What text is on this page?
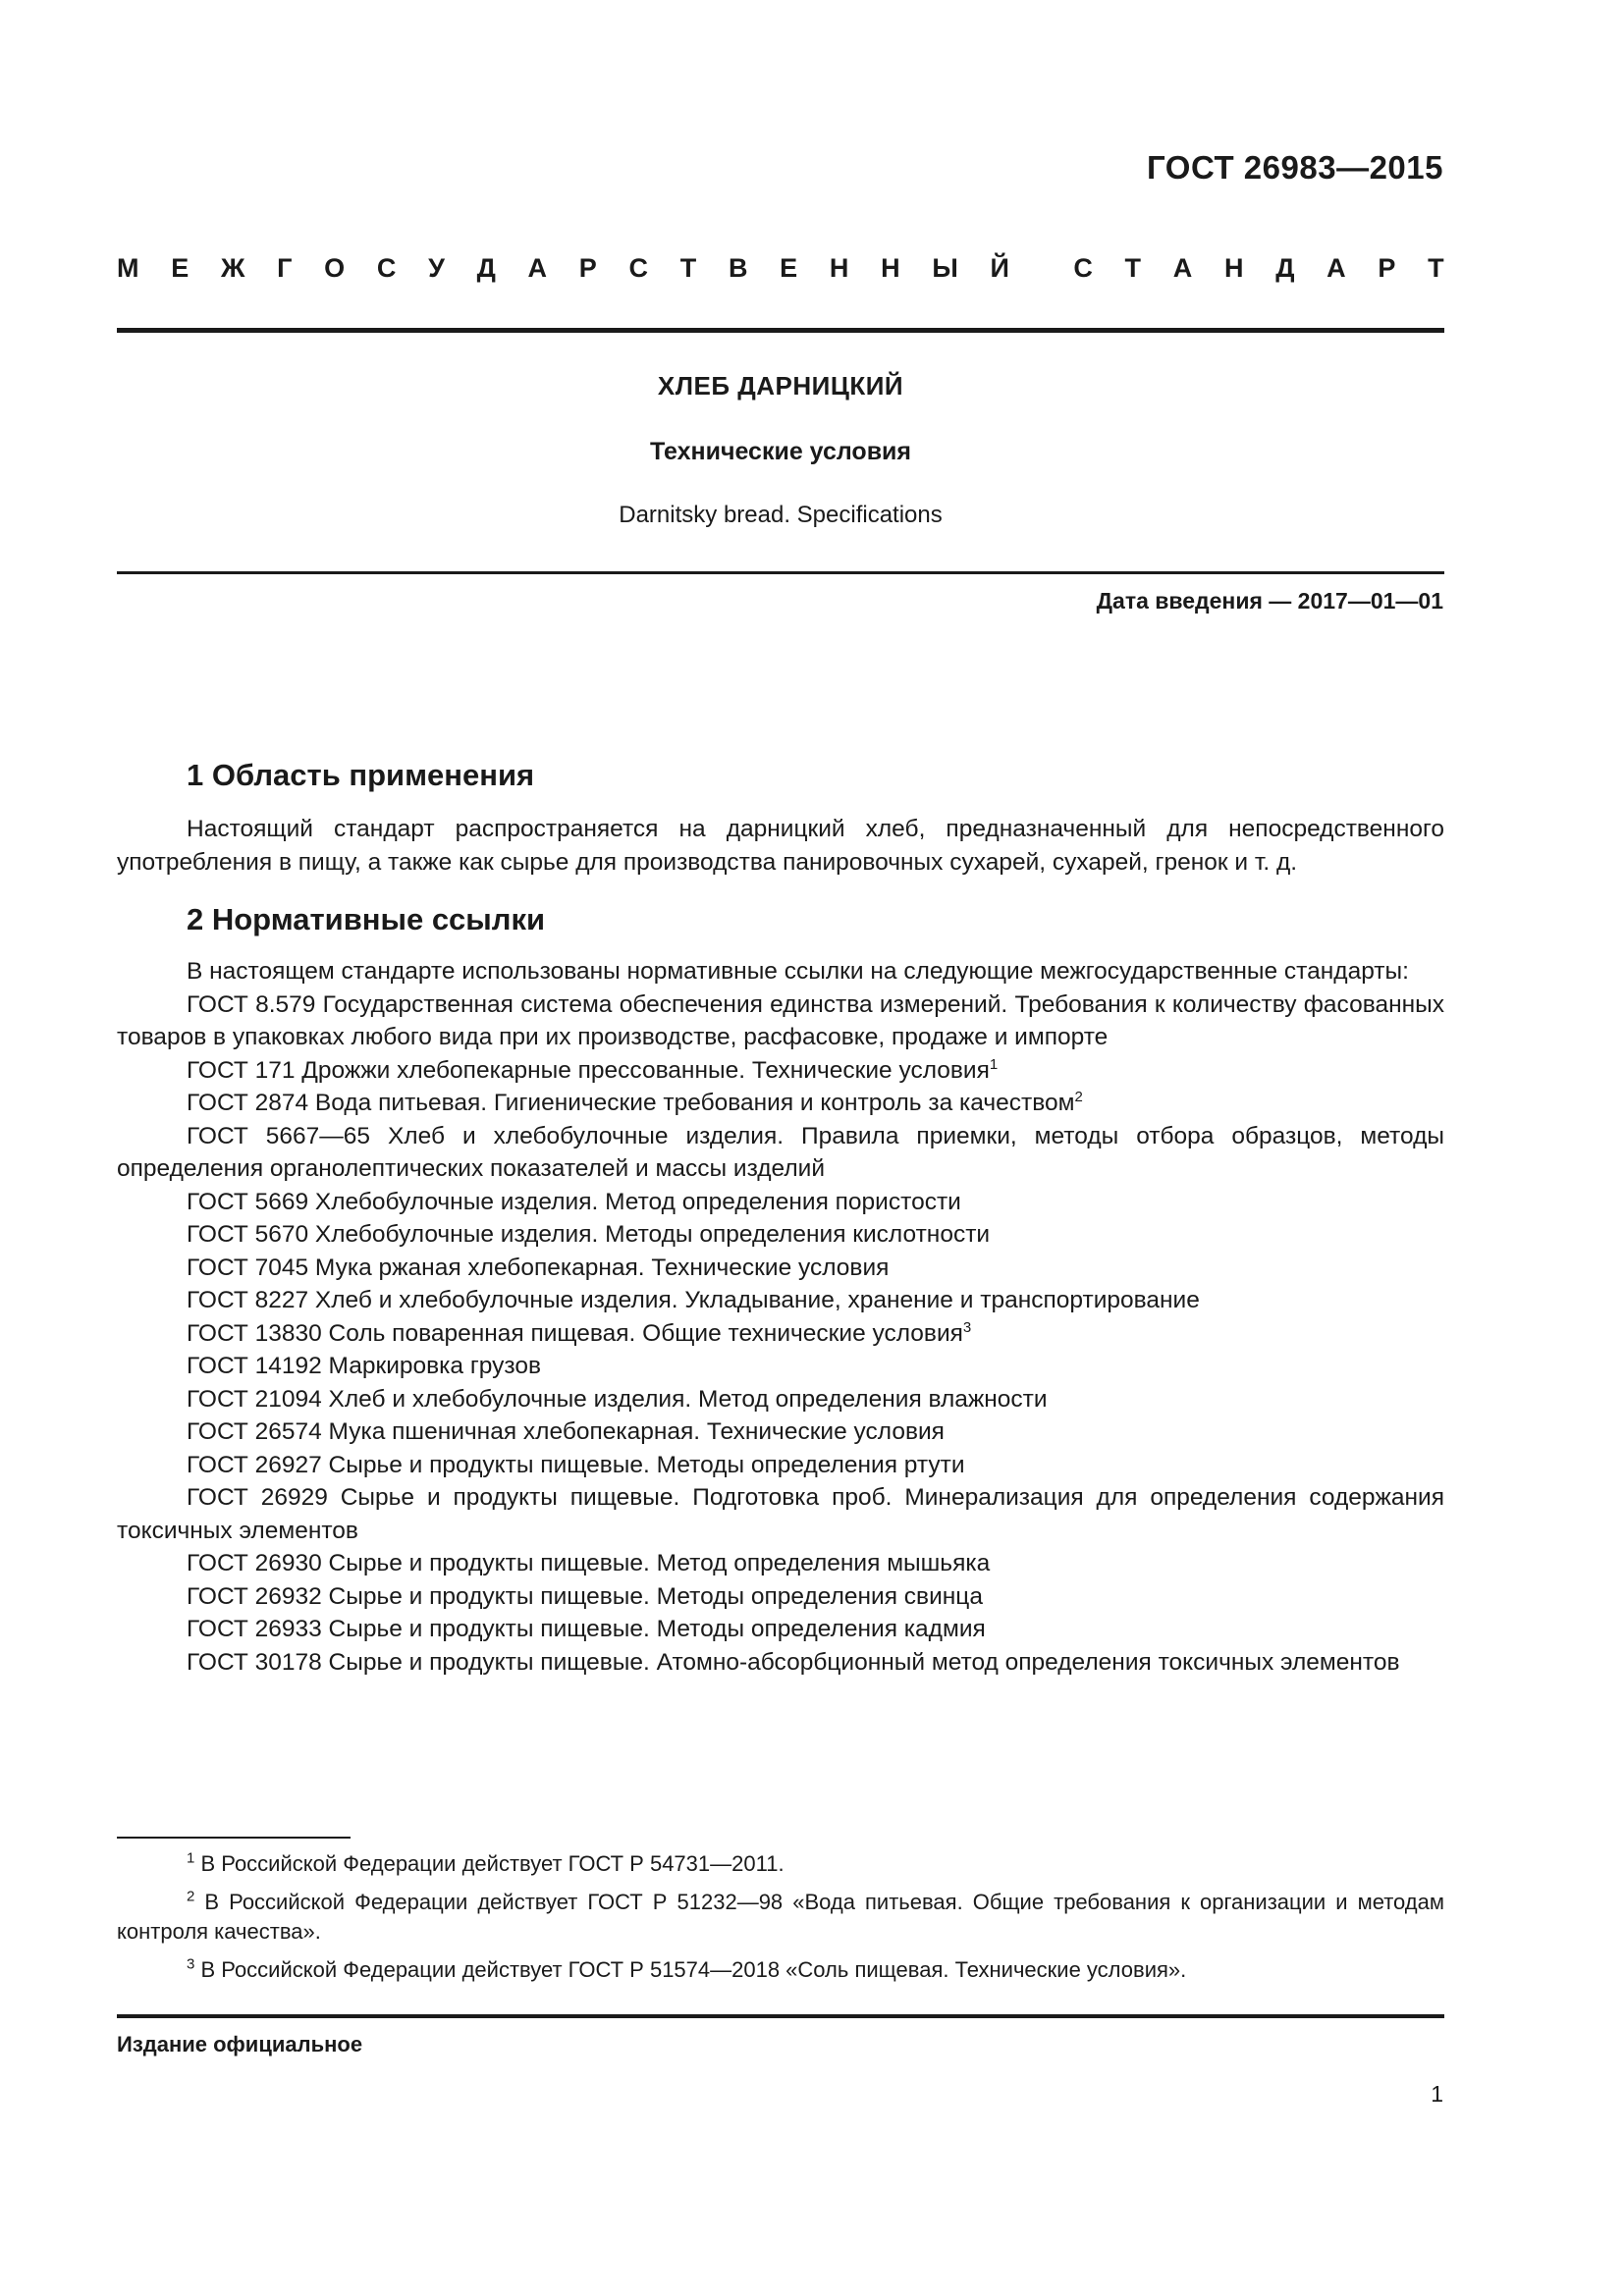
ГОСТ 26983—2015
М Е Ж Г О С У Д А Р С Т В Е Н Н Ы Й С Т А Н Д А Р Т
ХЛЕБ ДАРНИЦКИЙ
Технические условия
Darnitsky bread. Specifications
Дата введения — 2017—01—01
1 Область применения

Настоящий стандарт распространяется на дарницкий хлеб, предназначенный для непосредственного употребления в пищу, а также как сырье для производства панировочных сухарей, сухарей, гренок и т. д.

2 Нормативные ссылки

В настоящем стандарте использованы нормативные ссылки на следующие межгосударственные стандарты:

ГОСТ 8.579 Государственная система обеспечения единства измерений. Требования к количеству фасованных товаров в упаковках любого вида при их производстве, расфасовке, продаже и импорте

ГОСТ 171 Дрожжи хлебопекарные прессованные. Технические условия$^1$

ГОСТ 2874 Вода питьевая. Гигиенические требования и контроль за качеством$^2$

ГОСТ 5667—65 Хлеб и хлебобулочные изделия. Правила приемки, методы отбора образцов, методы определения органолептических показателей и массы изделий

ГОСТ 5669 Хлебобулочные изделия. Метод определения пористости

ГОСТ 5670 Хлебобулочные изделия. Методы определения кислотности

ГОСТ 7045 Мука ржаная хлебопекарная. Технические условия

ГОСТ 8227 Хлеб и хлебобулочные изделия. Укладывание, хранение и транспортирование

ГОСТ 13830 Соль поваренная пищевая. Общие технические условия$^3$

ГОСТ 14192 Маркировка грузов

ГОСТ 21094 Хлеб и хлебобулочные изделия. Метод определения влажности

ГОСТ 26574 Мука пшеничная хлебопекарная. Технические условия

ГОСТ 26927 Сырье и продукты пищевые. Методы определения ртути

ГОСТ 26929 Сырье и продукты пищевые. Подготовка проб. Минерализация для определения содержания токсичных элементов

ГОСТ 26930 Сырье и продукты пищевые. Метод определения мышьяка

ГОСТ 26932 Сырье и продукты пищевые. Методы определения свинца

ГОСТ 26933 Сырье и продукты пищевые. Методы определения кадмия

ГОСТ 30178 Сырье и продукты пищевые. Атомно-абсорбционный метод определения токсичных элементов

$^1$ В Российской Федерации действует ГОСТ Р 54731—2011.

$^2$ В Российской Федерации действует ГОСТ Р 51232—98 «Вода питьевая. Общие требования к организации и методам контроля качества».

$^3$ В Российской Федерации действует ГОСТ Р 51574—2018 «Соль пищевая. Технические условия».

Издание официальное
1
